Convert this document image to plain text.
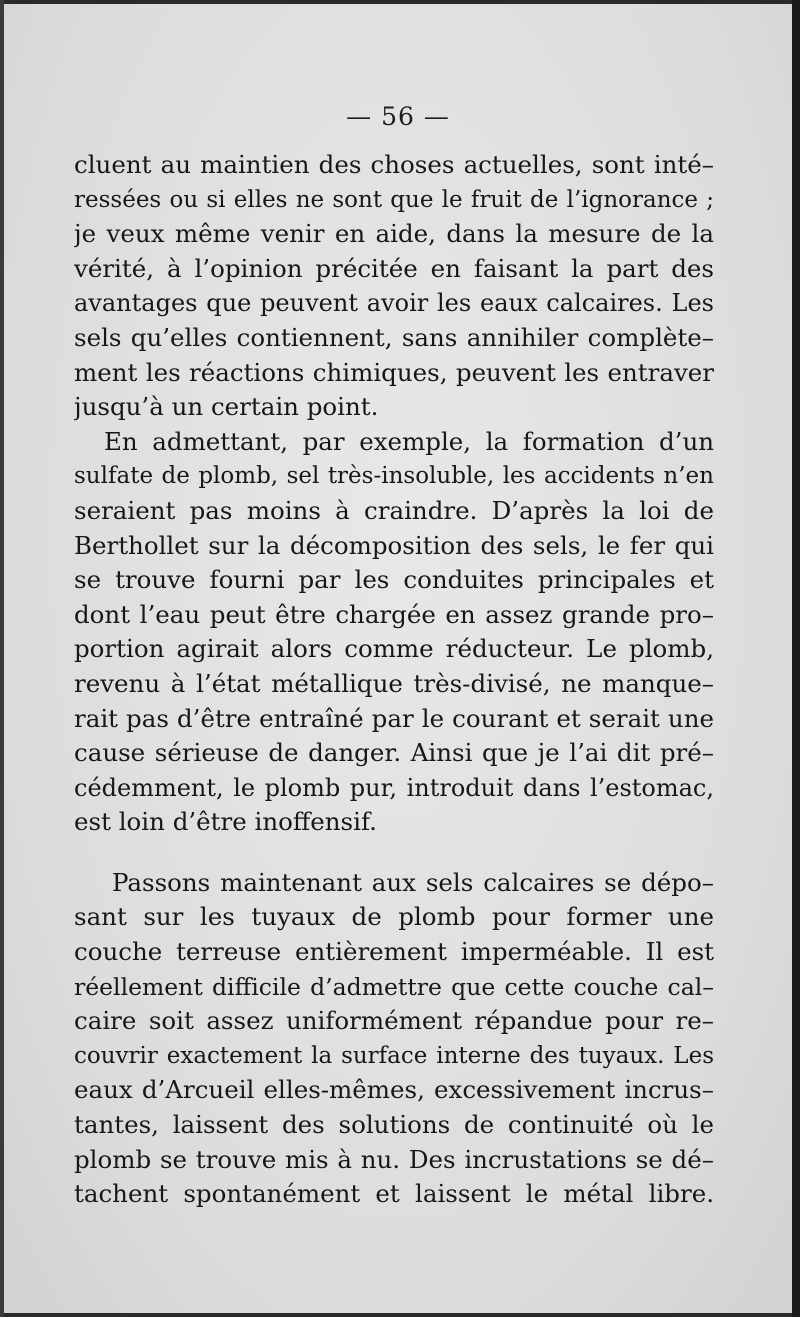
— 56 —
cluent au maintien des choses actuelles, sont inté–
ressées ou si elles ne sont que le fruit de l’ignorance ;
je veux même venir en aide, dans la mesure de la
vérité, à l’opinion précitée en faisant la part des
avantages que peuvent avoir les eaux calcaires. Les
sels qu’elles contiennent, sans annihiler complète–
ment les réactions chimiques, peuvent les entraver
jusqu’à un certain point.
En admettant, par exemple, la formation d’un
sulfate de plomb, sel très-insoluble, les accidents n’en
seraient pas moins à craindre. D’après la loi de
Berthollet sur la décomposition des sels, le fer qui
se trouve fourni par les conduites principales et
dont l’eau peut être chargée en assez grande pro–
portion agirait alors comme réducteur. Le plomb,
revenu à l’état métallique très-divisé, ne manque–
rait pas d’être entraîné par le courant et serait une
cause sérieuse de danger. Ainsi que je l’ai dit pré–
cédemment, le plomb pur, introduit dans l’estomac,
est loin d’être inoffensif.
Passons maintenant aux sels calcaires se dépo–
sant sur les tuyaux de plomb pour former une
couche terreuse entièrement imperméable. Il est
réellement difficile d’admettre que cette couche cal–
caire soit assez uniformément répandue pour re–
couvrir exactement la surface interne des tuyaux. Les
eaux d’Arcueil elles-mêmes, excessivement incrus–
tantes, laissent des solutions de continuité où le
plomb se trouve mis à nu. Des incrustations se dé–
tachent spontanément et laissent le métal libre.
